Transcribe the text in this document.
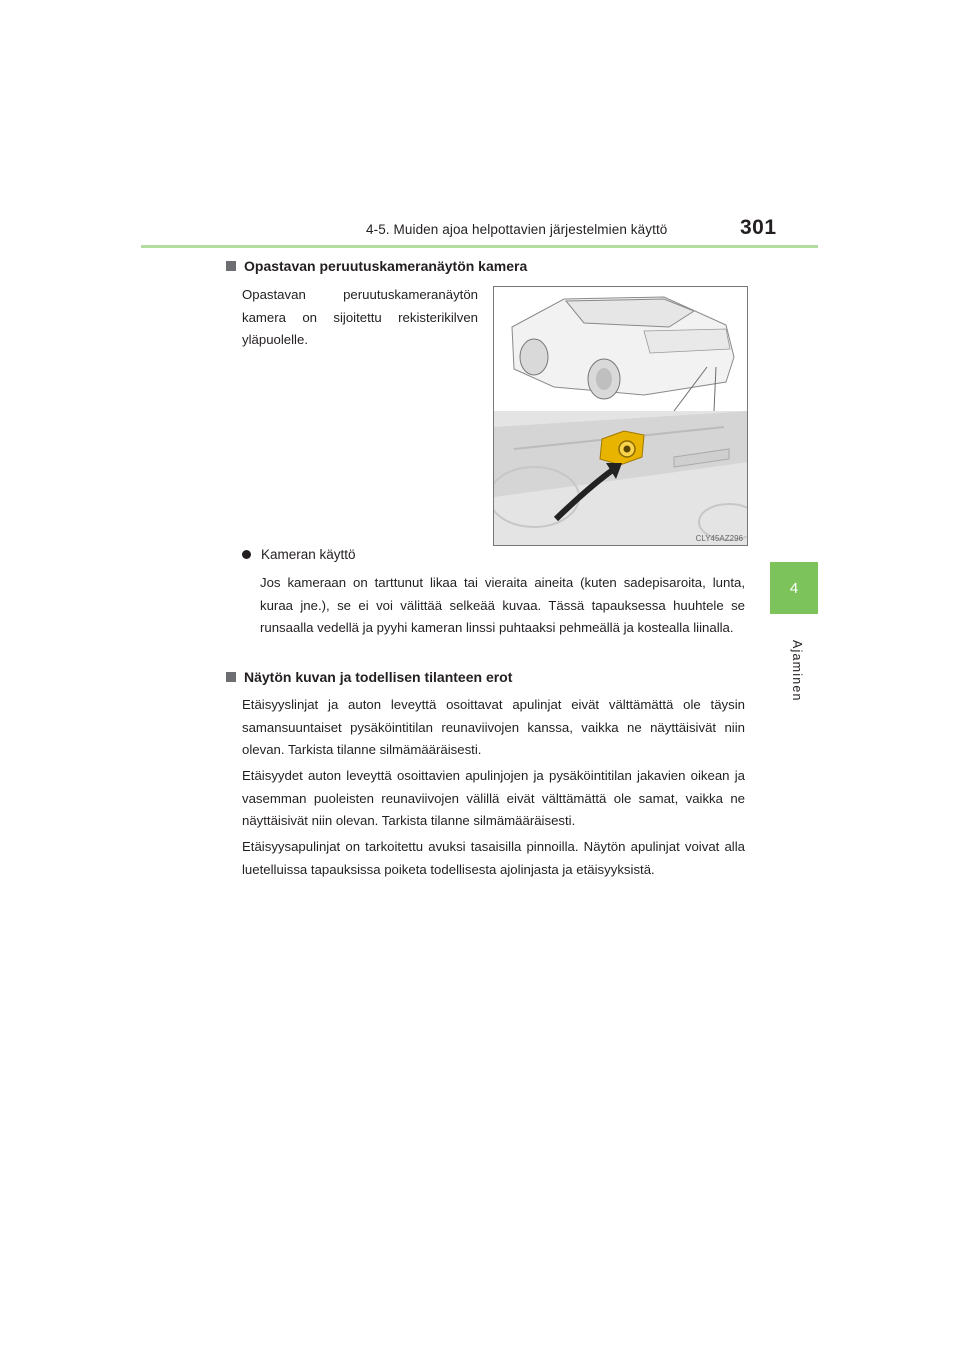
4-5. Muiden ajoa helpottavien järjestelmien käyttö	301
4
Ajaminen
Opastavan peruutuskameranäytön kamera
Opastavan peruutuskameranäytön kamera on sijoitettu rekisterikilven yläpuolelle.
CLY45AZ296
Kameran käyttö
Jos kameraan on tarttunut likaa tai vieraita aineita (kuten sadepisaroita, lunta, kuraa jne.), se ei voi välittää selkeää kuvaa. Tässä tapauksessa huuhtele se runsaalla vedellä ja pyyhi kameran linssi puhtaaksi pehmeällä ja kostealla liinalla.
Näytön kuvan ja todellisen tilanteen erot
Etäisyyslinjat ja auton leveyttä osoittavat apulinjat eivät välttämättä ole täysin samansuuntaiset pysäköintitilan reunaviivojen kanssa, vaikka ne näyttäisivät niin olevan. Tarkista tilanne silmämääräisesti.
Etäisyydet auton leveyttä osoittavien apulinjojen ja pysäköintitilan jakavien oikean ja vasemman puoleisten reunaviivojen välillä eivät välttämättä ole samat, vaikka ne näyttäisivät niin olevan. Tarkista tilanne silmämääräisesti.
Etäisyysapulinjat on tarkoitettu avuksi tasaisilla pinnoilla. Näytön apulinjat voivat alla luetelluissa tapauksissa poiketa todellisesta ajolinjasta ja etäisyyksistä.
